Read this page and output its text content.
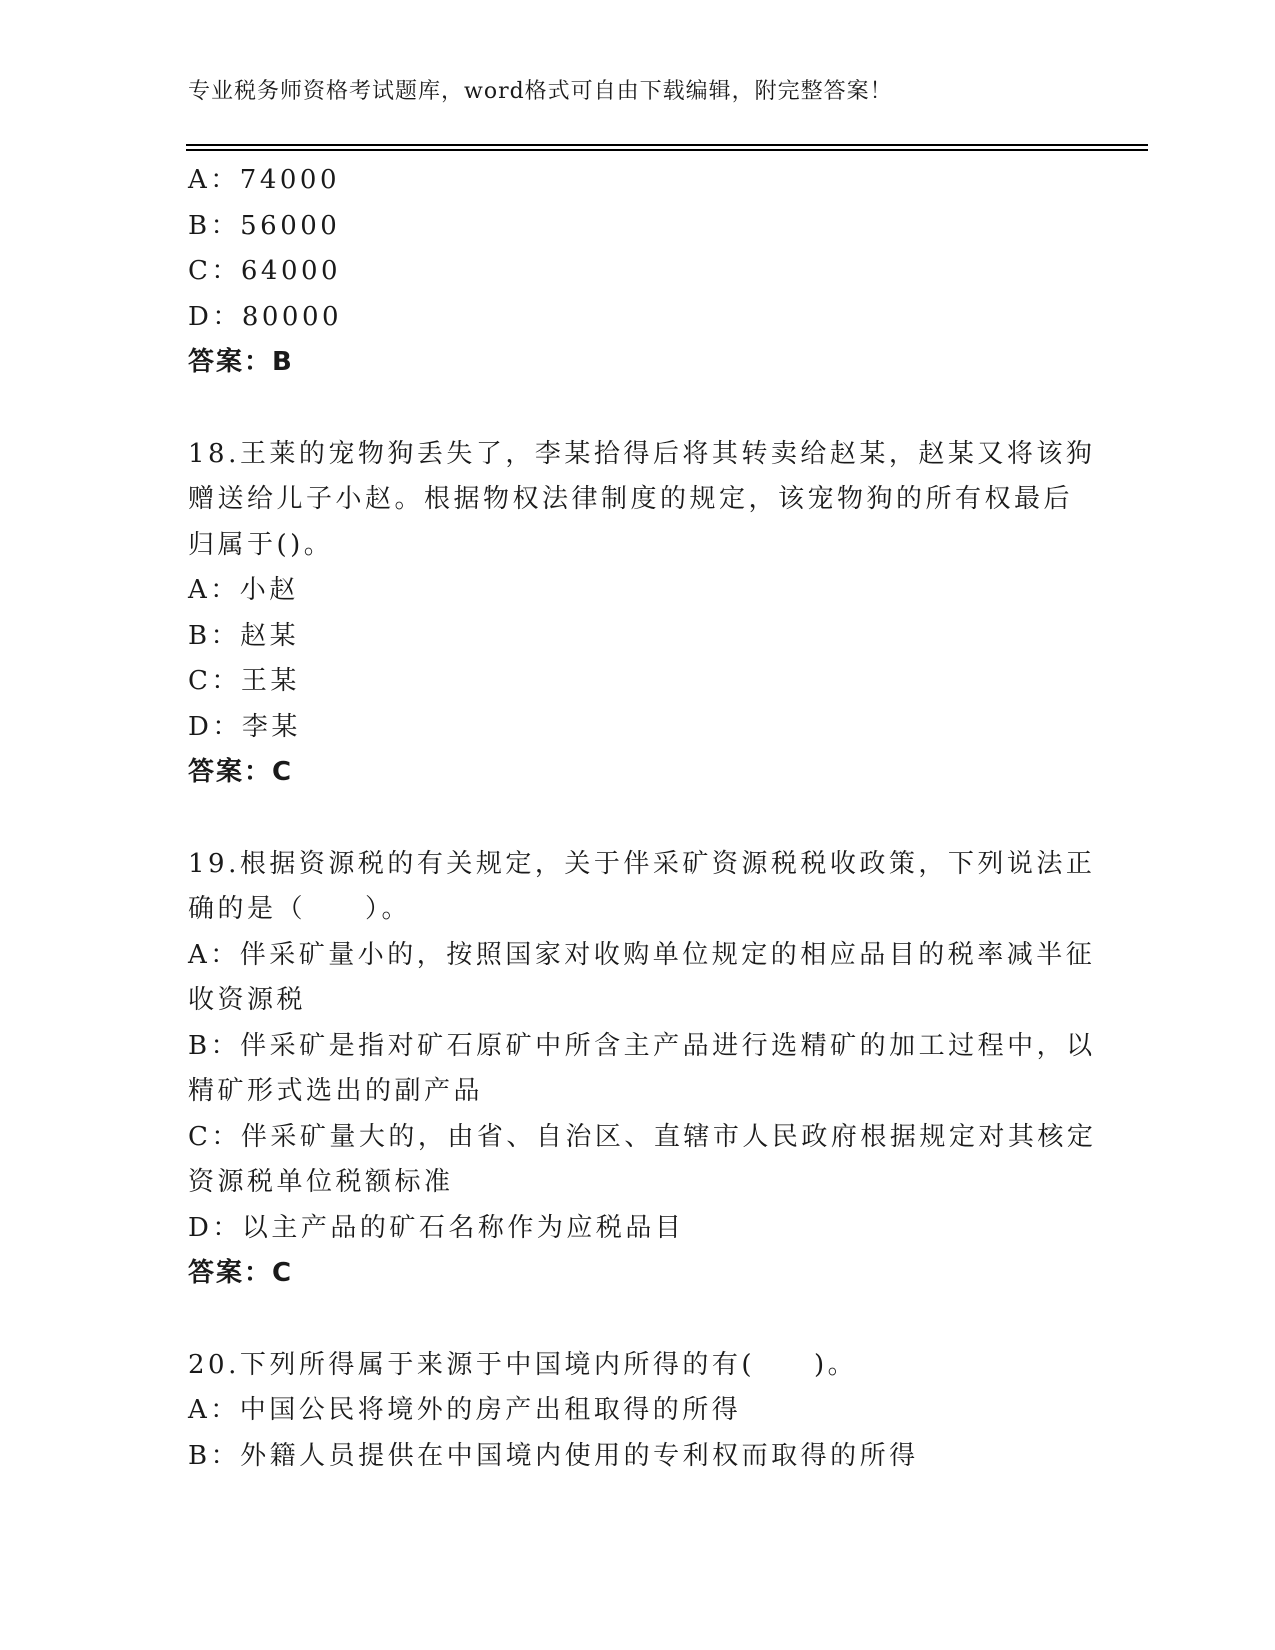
专业税务师资格考试题库，word格式可自由下载编辑，附完整答案！
A：74000
B：56000
C：64000
D：80000
答案：B
18.王莱的宠物狗丢失了，李某拾得后将其转卖给赵某，赵某又将该狗
赠送给儿子小赵。根据物权法律制度的规定，该宠物狗的所有权最后
归属于()。
A：小赵
B：赵某
C：王某
D：李某
答案：C
19.根据资源税的有关规定，关于伴采矿资源税税收政策，下列说法正
确的是（　　）。
A：伴采矿量小的，按照国家对收购单位规定的相应品目的税率减半征
收资源税
B：伴采矿是指对矿石原矿中所含主产品进行选精矿的加工过程中，以
精矿形式选出的副产品
C：伴采矿量大的，由省、自治区、直辖市人民政府根据规定对其核定
资源税单位税额标准
D：以主产品的矿石名称作为应税品目
答案：C
20.下列所得属于来源于中国境内所得的有(　　)。
A：中国公民将境外的房产出租取得的所得
B：外籍人员提供在中国境内使用的专利权而取得的所得
